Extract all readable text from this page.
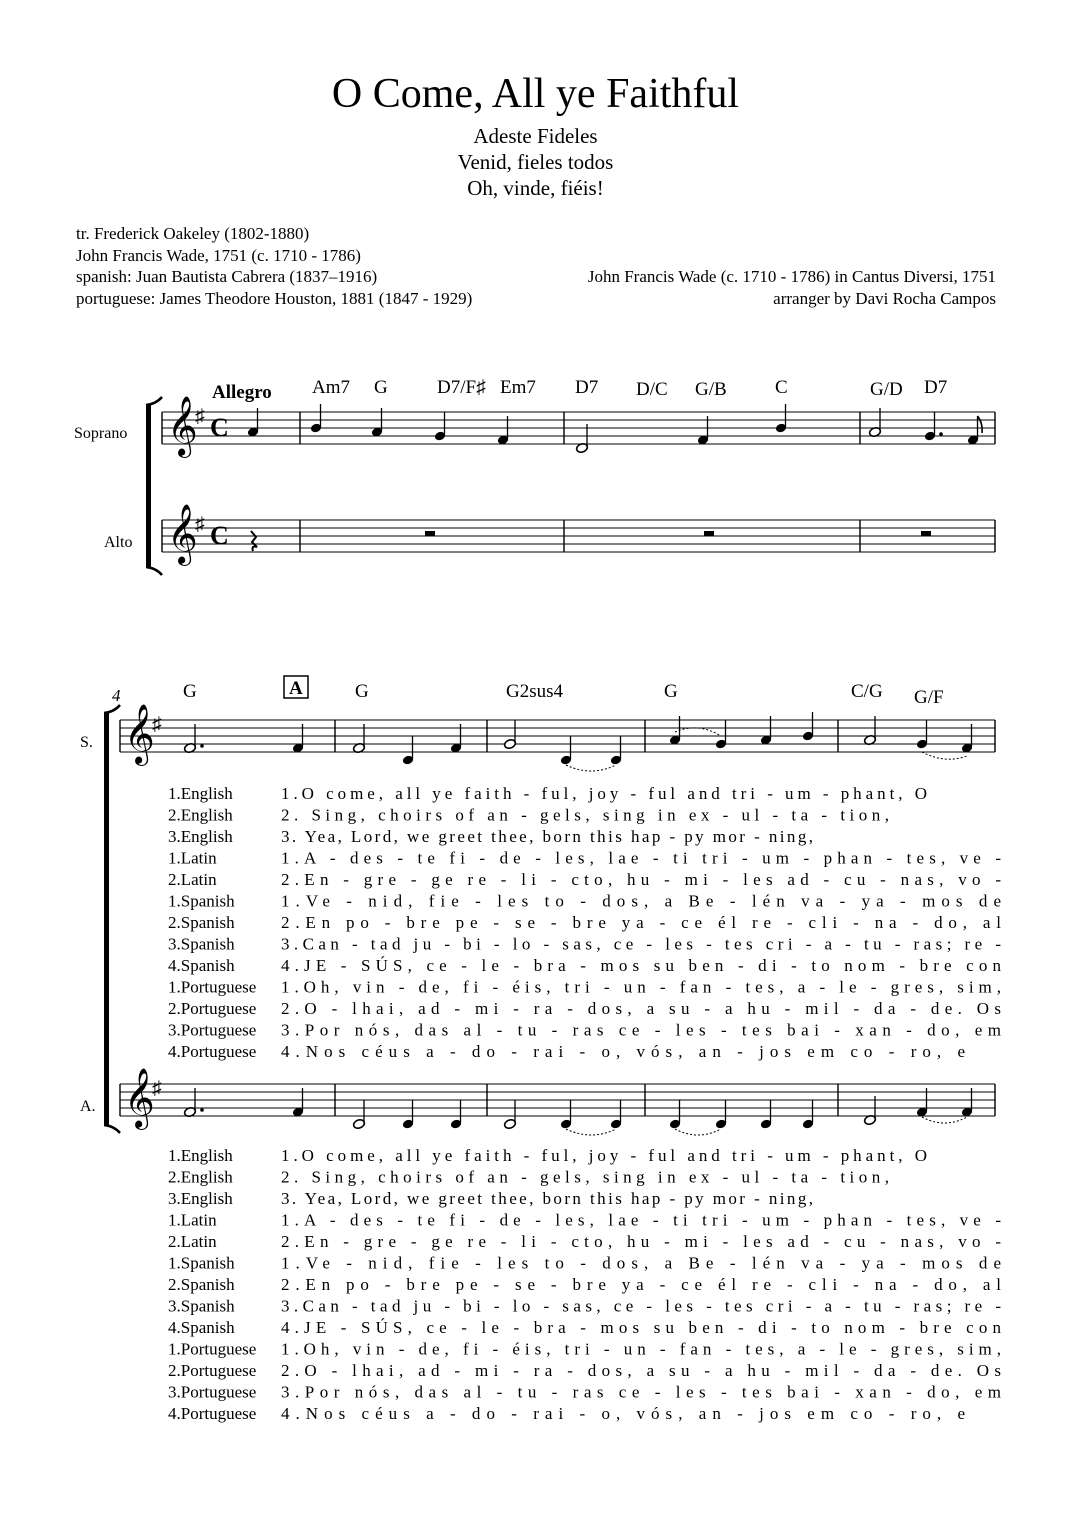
O Come, All ye Faithful
Adeste Fideles
Venid, fieles todos
Oh, vinde, fiéis!
tr. Frederick Oakeley (1802-1880)
John Francis Wade, 1751 (c. 1710 - 1786)
spanish: Juan Bautista Cabrera (1837–1916)
portuguese: James Theodore Houston, 1881 (1847 - 1929)
John Francis Wade (c. 1710 - 1786) in Cantus Diversi, 1751
arranger by Davi Rocha Campos
Allegro Am7 G	D7/F♯ Em7 D7 D/C G/B	C	G/D D7
Soprano
Alto
𝄞
♯ C
𝄞
♯ C
4	A
G	G	G2sus4	G	C/G G/F
S.
A.
𝄞
♯
𝄞
♯
1.English	1.O come, all ye faith - ful, joy - ful and tri - um - phant, O
2.English	2. Sing, choirs of an - gels, sing in ex - ul - ta - tion,
3.English	3. Yea, Lord, we greet thee, born this hap - py mor - ning,
1.Latin	1.A - des - te fi - de - les, lae - ti tri - um - phan - tes, ve -
2.Latin	2.En - gre - ge re - li - cto, hu - mi - les ad - cu - nas, vo -
1.Spanish	1.Ve - nid, fie - les to - dos, a Be - lén va - ya - mos de
2.Spanish	2.En po - bre pe - se - bre ya - ce él re - cli - na - do, al
3.Spanish	3.Can - tad ju - bi - lo - sas, ce - les - tes cri - a - tu - ras; re -
4.Spanish	4.JE - SÚS, ce - le - bra - mos su ben - di - to nom - bre con
1.Portuguese 1.Oh, vin - de, fi - éis, tri - un - fan - tes, a - le - gres, sim,
2.Portuguese 2.O - lhai, ad - mi - ra - dos, a su - a hu - mil - da - de. Os
3.Portuguese 3.Por nós, das al - tu - ras ce - les - tes bai - xan - do, em
4.Portuguese 4.Nos céus a - do - rai - o, vós, an - jos em co - ro, e
1.English	1.O come, all ye faith - ful, joy - ful and tri - um - phant, O
2.English	2. Sing, choirs of an - gels, sing in ex - ul - ta - tion,
3.English	3. Yea, Lord, we greet thee, born this hap - py mor - ning,
1.Latin	1.A - des - te fi - de - les, lae - ti tri - um - phan - tes, ve -
2.Latin	2.En - gre - ge re - li - cto, hu - mi - les ad - cu - nas, vo -
1.Spanish	1.Ve - nid, fie - les to - dos, a Be - lén va - ya - mos de
2.Spanish	2.En po - bre pe - se - bre ya - ce él re - cli - na - do, al
3.Spanish	3.Can - tad ju - bi - lo - sas, ce - les - tes cri - a - tu - ras; re -
4.Spanish	4.JE - SÚS, ce - le - bra - mos su ben - di - to nom - bre con
1.Portuguese 1.Oh, vin - de, fi - éis, tri - un - fan - tes, a - le - gres, sim,
2.Portuguese 2.O - lhai, ad - mi - ra - dos, a su - a hu - mil - da - de. Os
3.Portuguese 3.Por nós, das al - tu - ras ce - les - tes bai - xan - do, em
4.Portuguese 4.Nos céus a - do - rai - o, vós, an - jos em co - ro, e
